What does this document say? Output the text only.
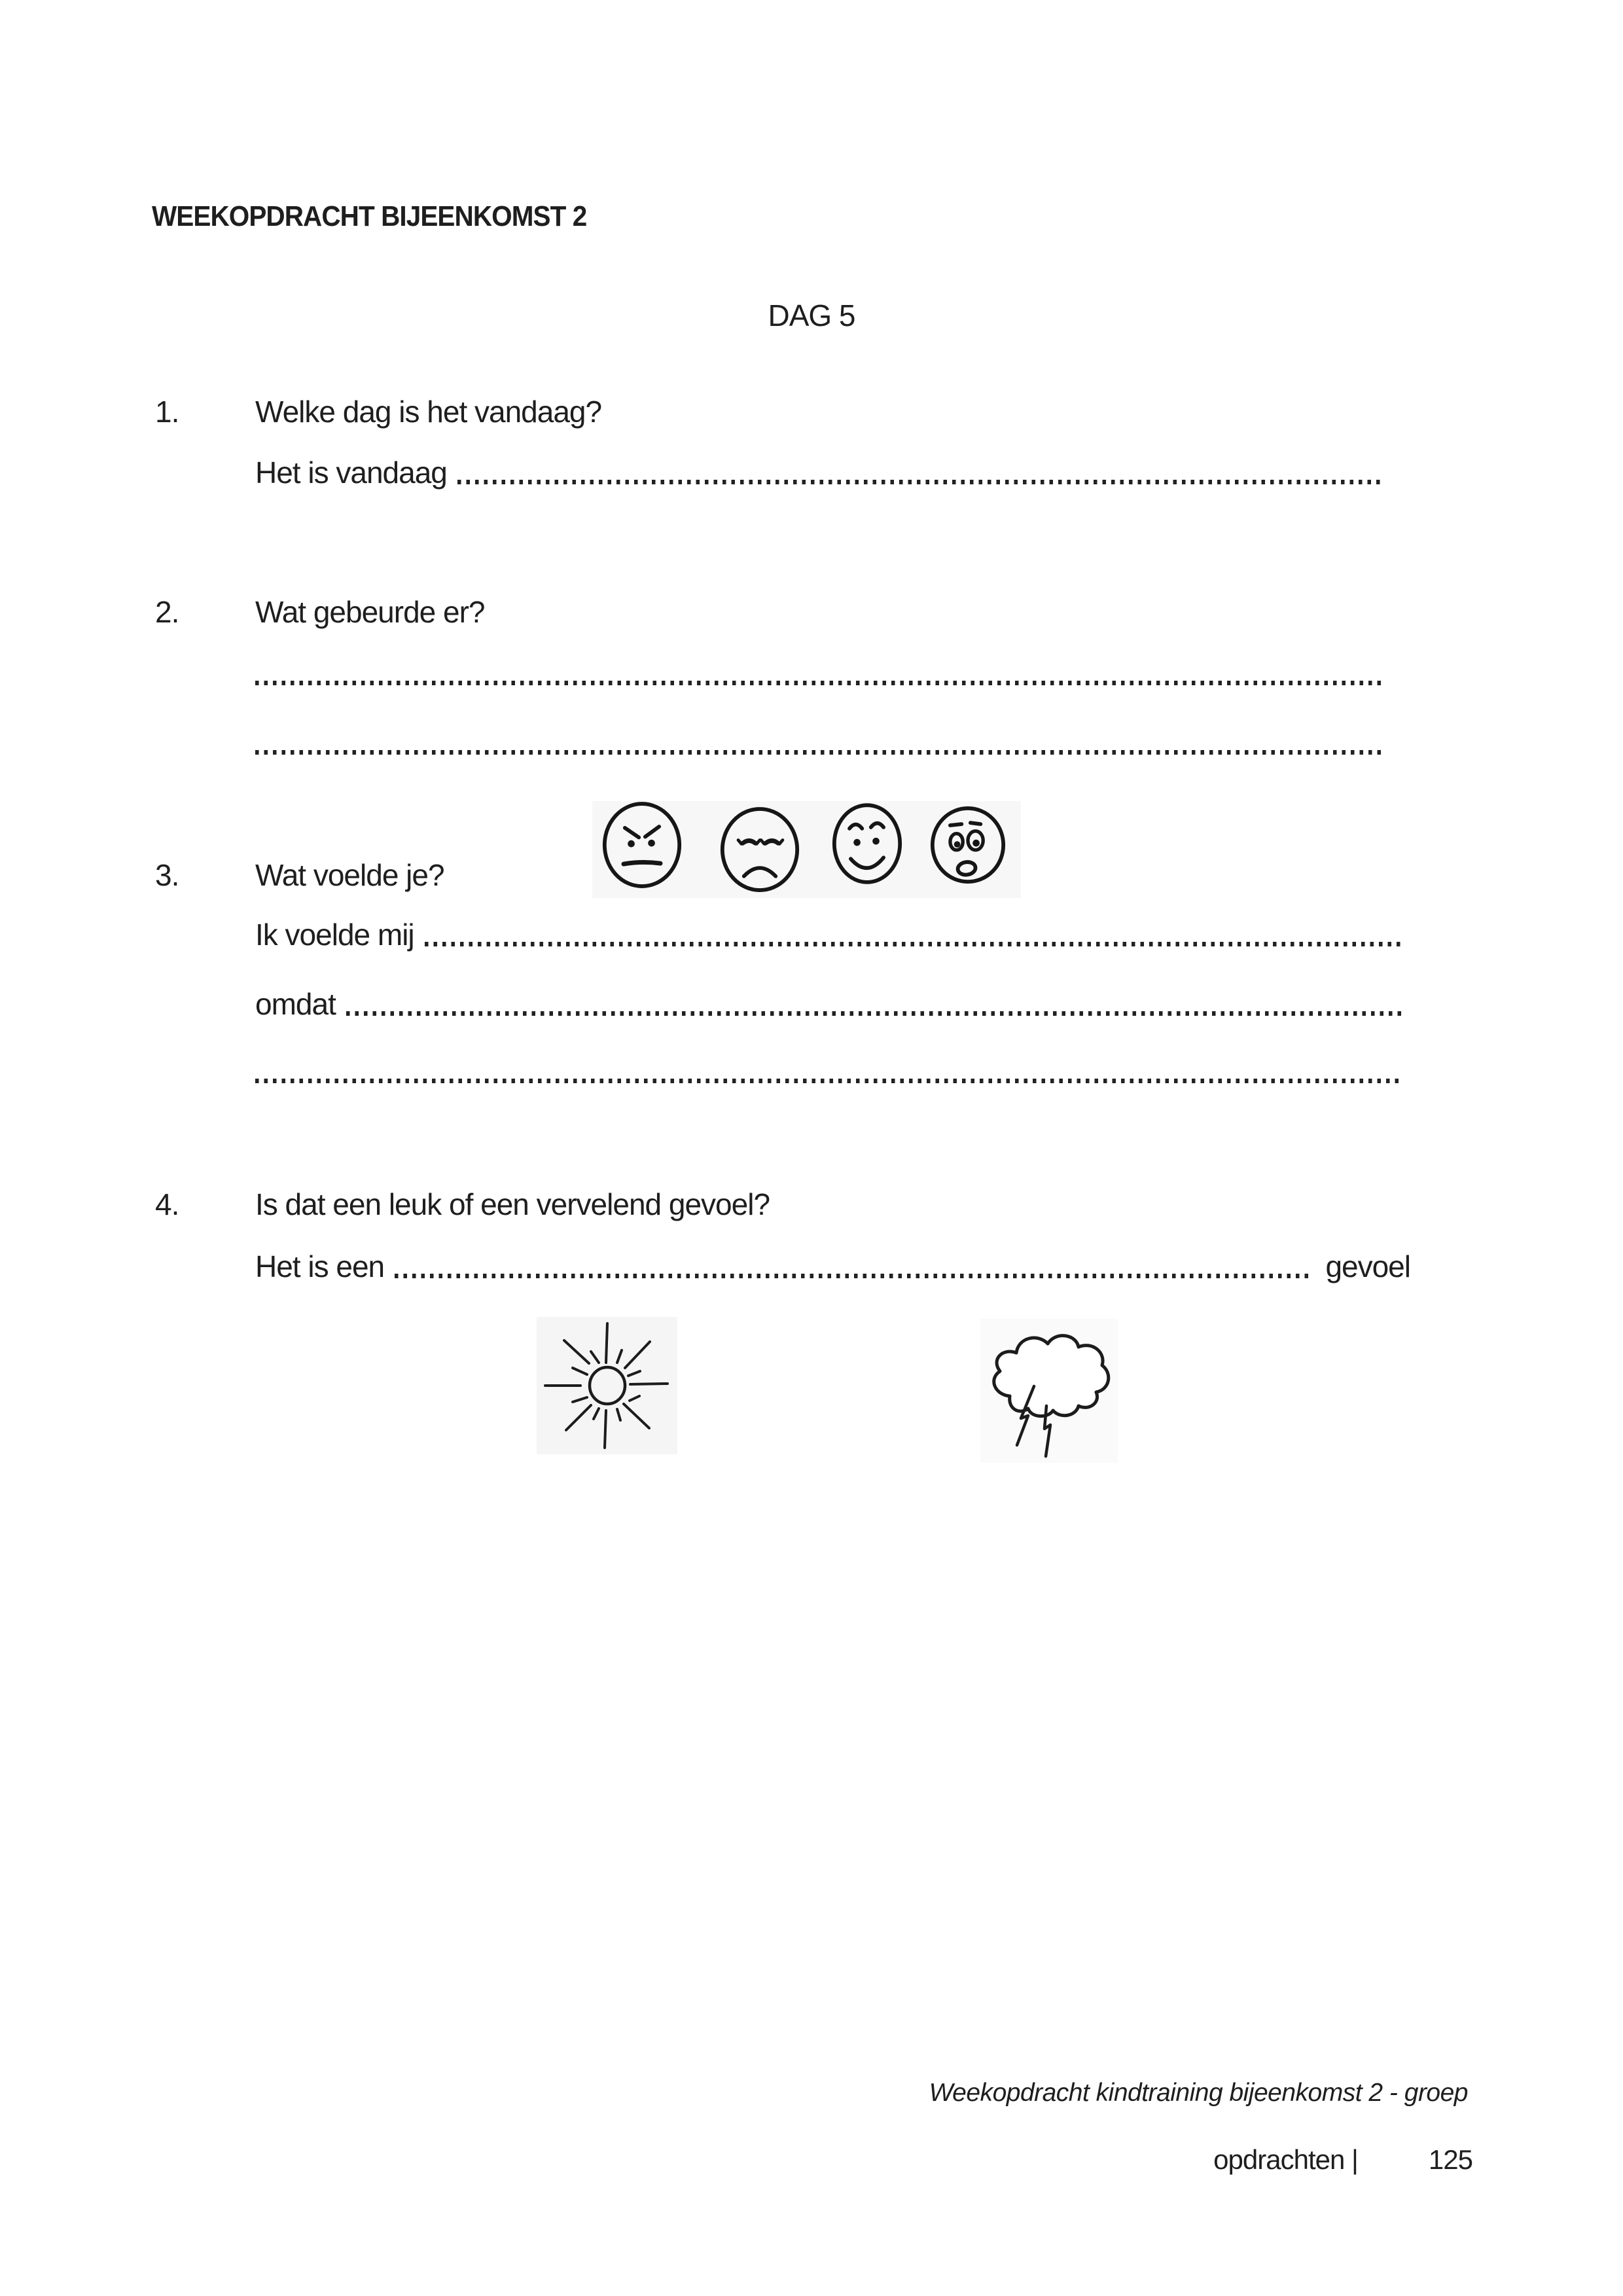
WEEKOPDRACHT BIJEENKOMST 2
DAG 5
1.	Welke dag is het vandaag?
Het is vandaag
2.	Wat gebeurde er?
3.	Wat voelde je?
Ik voelde mij
omdat
4.	Is dat een leuk of een vervelend gevoel?
Het is een	gevoel
Weekopdracht kindtraining bijeenkomst 2 - groep
opdrachten |	125
